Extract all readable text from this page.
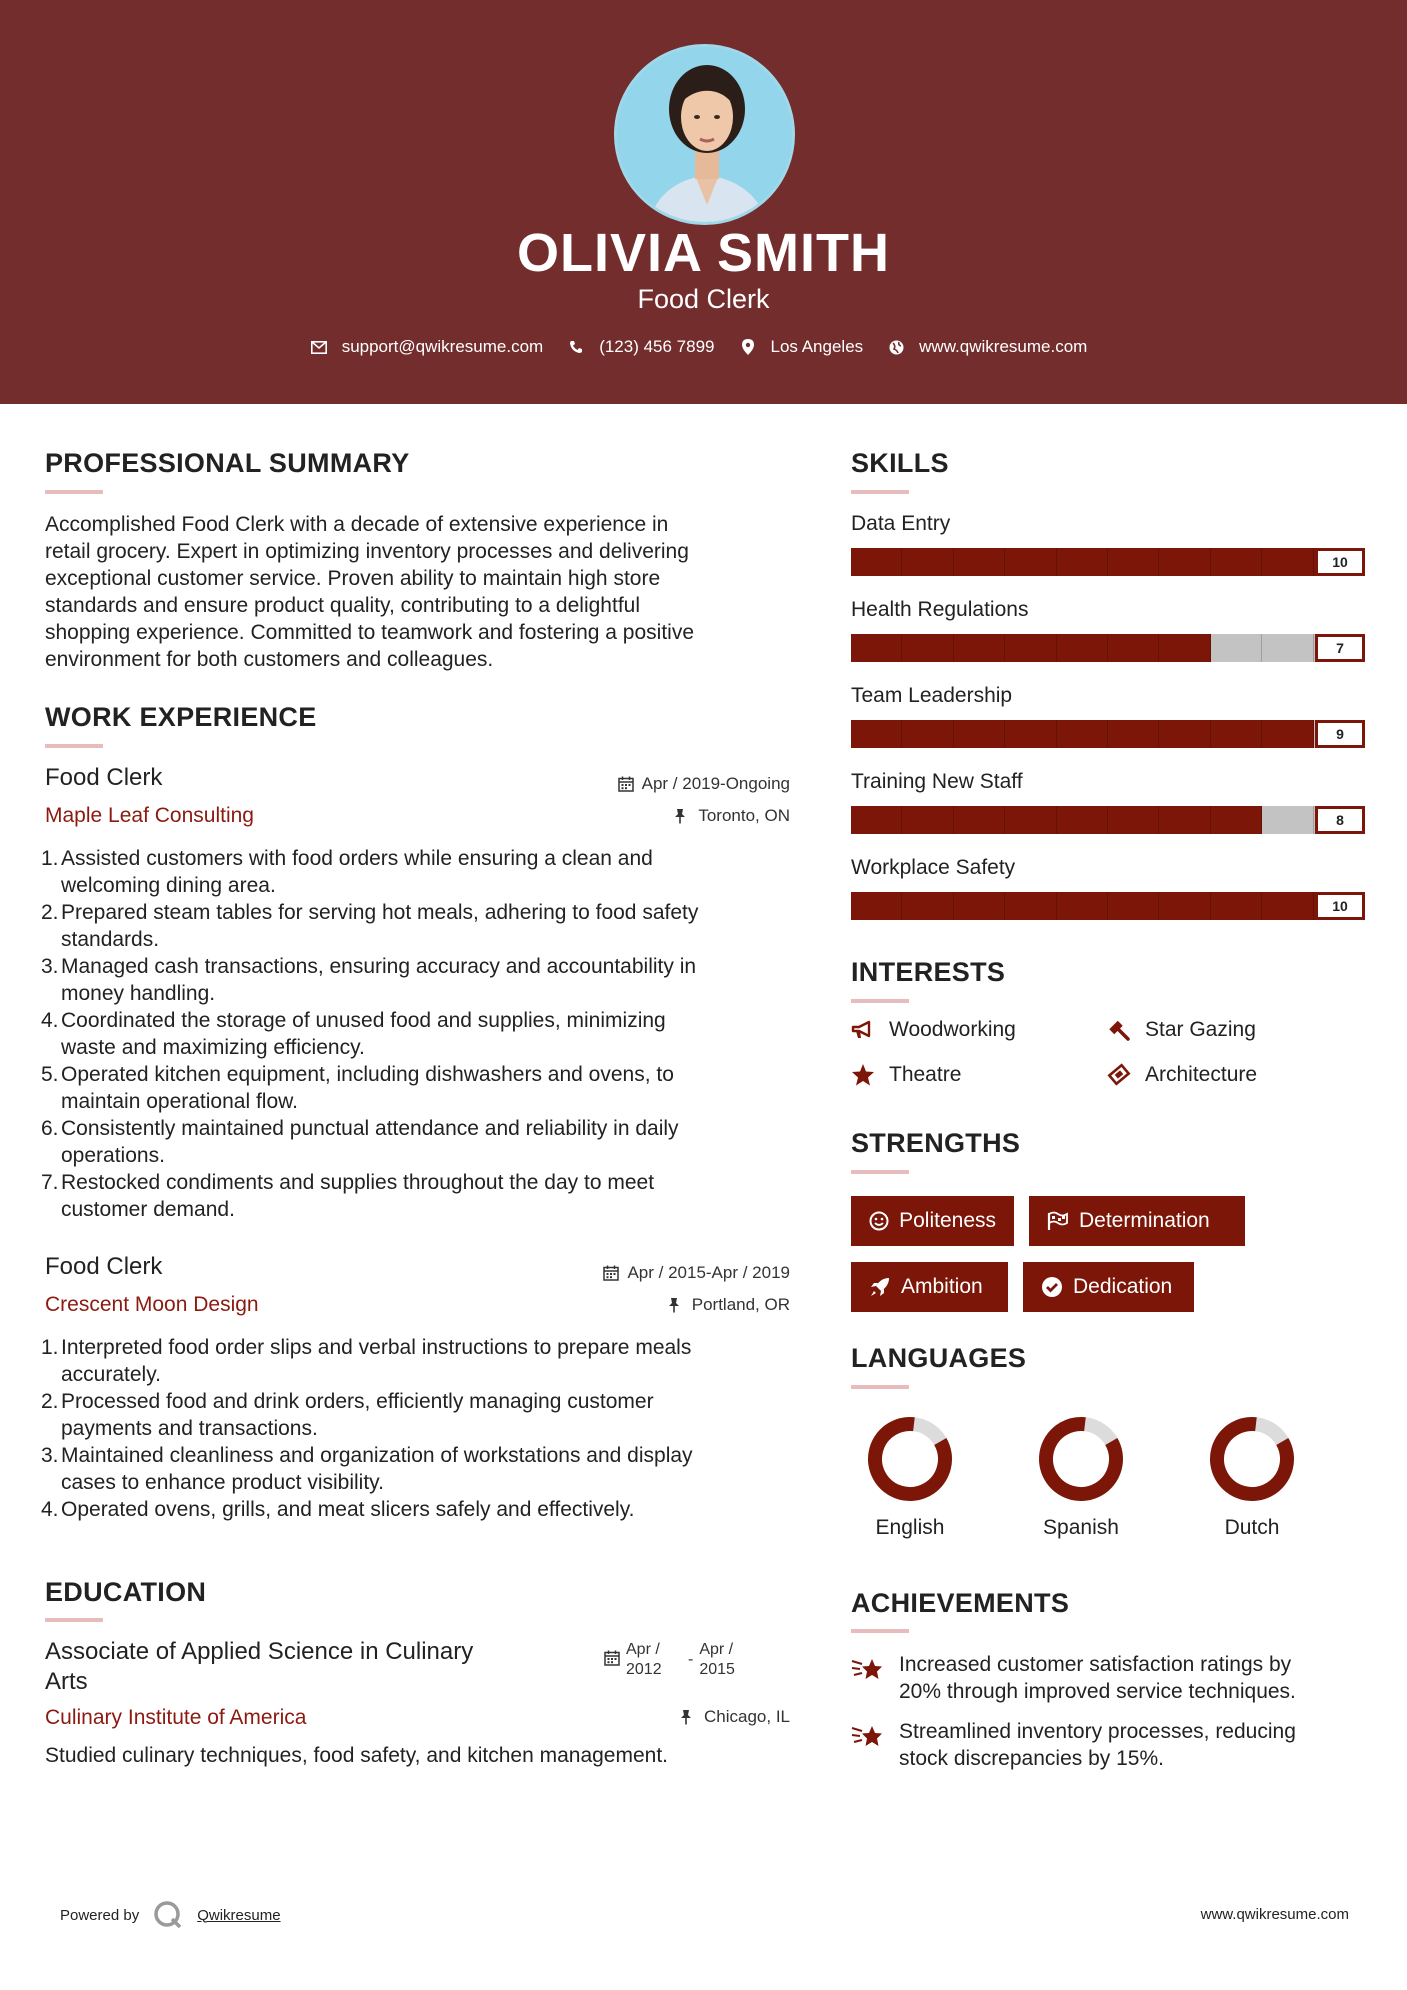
OLIVIA SMITH
Food Clerk
support@qwikresume.com	(123) 456 7899	Los Angeles	www.qwikresume.com
PROFESSIONAL SUMMARY
Accomplished Food Clerk with a decade of extensive experience in
retail grocery. Expert in optimizing inventory processes and delivering
exceptional customer service. Proven ability to maintain high store
standards and ensure product quality, contributing to a delightful
shopping experience. Committed to teamwork and fostering a positive
environment for both customers and colleagues.
WORK EXPERIENCE
Food Clerk	Apr / 2019-Ongoing
Maple Leaf Consulting	Toronto, ON
1. Assisted customers with food orders while ensuring a clean and
welcoming dining area.
2. Prepared steam tables for serving hot meals, adhering to food safety
standards.
3. Managed cash transactions, ensuring accuracy and accountability in
money handling.
4. Coordinated the storage of unused food and supplies, minimizing
waste and maximizing efficiency.
5. Operated kitchen equipment, including dishwashers and ovens, to
maintain operational flow.
6. Consistently maintained punctual attendance and reliability in daily
operations.
7. Restocked condiments and supplies throughout the day to meet
customer demand.
Food Clerk	Apr / 2015-Apr / 2019
Crescent Moon Design	Portland, OR
1. Interpreted food order slips and verbal instructions to prepare meals
accurately.
2. Processed food and drink orders, efficiently managing customer
payments and transactions.
3. Maintained cleanliness and organization of workstations and display
cases to enhance product visibility.
4. Operated ovens, grills, and meat slicers safely and effectively.
EDUCATION
Associate of Applied Science in Culinary
Arts
Apr /
2012
-
Apr /
2015
Culinary Institute of America	Chicago, IL
Studied culinary techniques, food safety, and kitchen management.
SKILLS
Data Entry
10
Health Regulations
7
Team Leadership
9
Training New Staff
8
Workplace Safety
10
INTERESTS
Woodworking	Star Gazing
Theatre	Architecture
STRENGTHS
Politeness	Determination
Ambition	Dedication
LANGUAGES
English	Spanish	Dutch
ACHIEVEMENTS
Increased customer satisfaction ratings by
20% through improved service techniques.
Streamlined inventory processes, reducing
stock discrepancies by 15%.
Powered by	Qwikresume	www.qwikresume.com
